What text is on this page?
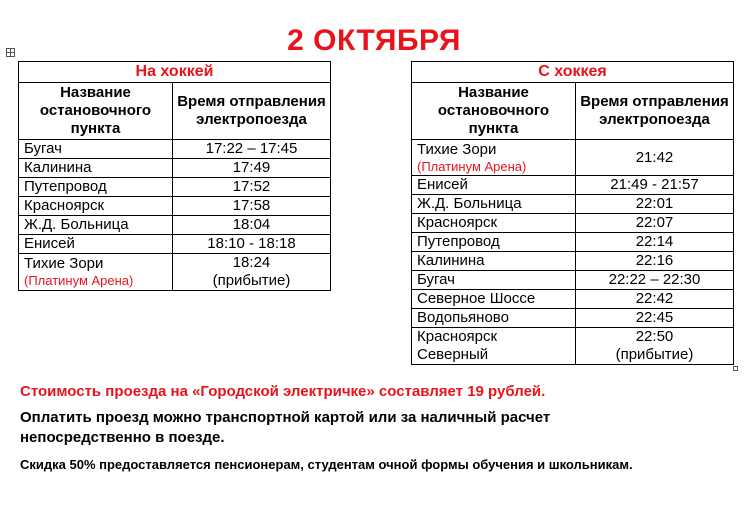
2 ОКТЯБРЯ
На хоккей	
Название остановочного пункта	Время отправления электропоезда
Бугач	17:22 – 17:45
Калинина	17:49
Путепровод	17:52
Красноярск	17:58
Ж.Д. Больница	18:04
Енисей	18:10 - 18:18
Тихие Зори
(Платинум Арена)	18:24
(прибытие)
С хоккея	
Название остановочного пункта	Время отправления электропоезда
Тихие Зори
(Платинум Арена)	21:42
Енисей	21:49 - 21:57
Ж.Д. Больница	22:01
Красноярск	22:07
Путепровод	22:14
Калинина	22:16
Бугач	22:22 – 22:30
Северное Шоссе	22:42
Водопьяново	22:45
Красноярск Северный	22:50
(прибытие)
Стоимость проезда на «Городской электричке» составляет 19 рублей.
Оплатить проезд можно транспортной картой или за наличный расчет непосредственно в поезде.
Скидка 50% предоставляется пенсионерам, студентам очной формы обучения и школьникам.
